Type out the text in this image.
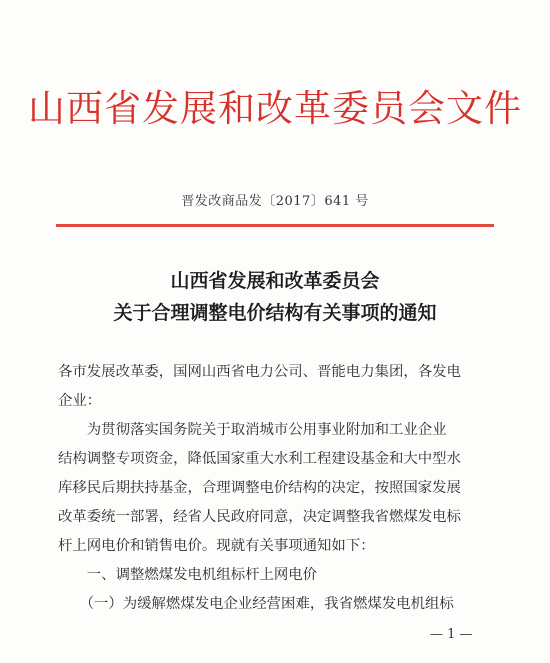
山西省发展和改革委员会文件
晋发改商品发〔2017〕641 号
山西省发展和改革委员会
关于合理调整电价结构有关事项的通知
各市发展改革委，国网山西省电力公司、晋能电力集团，各发电
企业：
　　为贯彻落实国务院关于取消城市公用事业附加和工业企业
结构调整专项资金，降低国家重大水利工程建设基金和大中型水
库移民后期扶持基金，合理调整电价结构的决定，按照国家发展
改革委统一部署，经省人民政府同意，决定调整我省燃煤发电标
杆上网电价和销售电价。现就有关事项通知如下：
　　一、调整燃煤发电机组标杆上网电价
　　（一）为缓解燃煤发电企业经营困难，我省燃煤发电机组标
— 1 —
